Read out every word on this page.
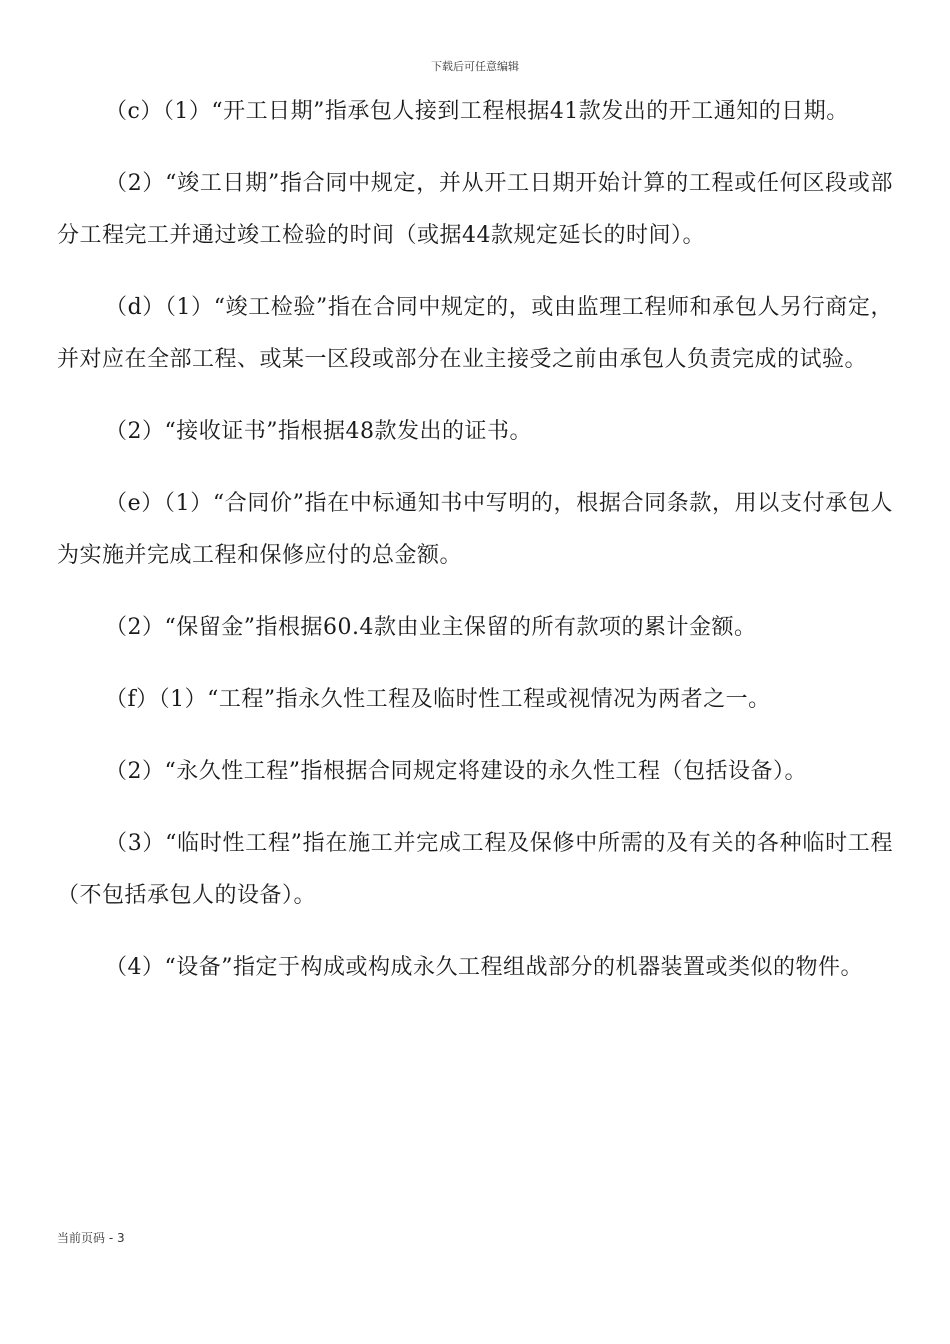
下载后可任意编辑

（c）（1）“开工日期”指承包人接到工程根据41款发出的开工通知的日期。

（2）“竣工日期”指合同中规定，并从开工日期开始计算的工程或任何区段或部分工程完工并通过竣工检验的时间（或据44款规定延长的时间）。

（d）（1）“竣工检验”指在合同中规定的，或由监理工程师和承包人另行商定，并对应在全部工程、或某一区段或部分在业主接受之前由承包人负责完成的试验。

（2）“接收证书”指根据48款发出的证书。

（e）（1）“合同价”指在中标通知书中写明的，根据合同条款，用以支付承包人为实施并完成工程和保修应付的总金额。

（2）“保留金”指根据60.4款由业主保留的所有款项的累计金额。

（f）（1）“工程”指永久性工程及临时性工程或视情况为两者之一。

（2）“永久性工程”指根据合同规定将建设的永久性工程（包括设备）。

（3）“临时性工程”指在施工并完成工程及保修中所需的及有关的各种临时工程（不包括承包人的设备）。

（4）“设备”指定于构成或构成永久工程组战部分的机器装置或类似的物件。

当前页码 - 3
